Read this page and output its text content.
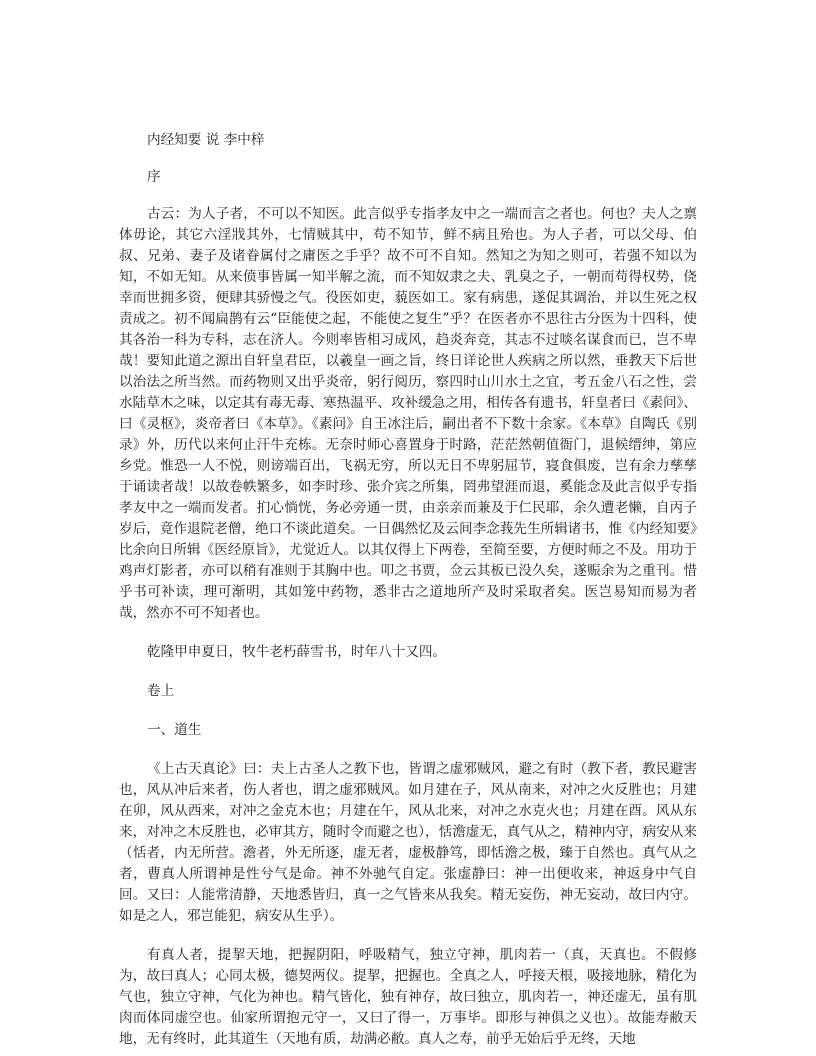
内经知要 说 李中梓

序

古云：为人子者，不可以不知医。此言似乎专指孝友中之一端而言之者也。何也？夫人之禀体毋论，其它六淫戕其外，七情贼其中，苟不知节，鲜不病且殆也。为人子者，可以父母、伯叔、兄弟、妻子及诸眷属付之庸医之手乎？故不可不自知。然知之为知之则可，若强不知以为知，不如无知。从来偾事皆属一知半解之流，而不知奴隶之夫、乳臭之子，一朝而苟得权势，侥幸而世拥多资，便肆其骄慢之气。役医如吏，藐医如工。家有病患，遂促其调治，并以生死之权责成之。初不闻扁鹊有云“臣能使之起，不能使之复生”乎？在医者亦不思往古分医为十四科，使其各治一科为专科，志在济人。今则率皆相习成风，趋炎奔竞，其志不过啖名谋食而已，岂不卑哉！要知此道之源出自轩皇君臣，以羲皇一画之旨，终日详论世人疾病之所以然，垂教天下后世以治法之所当然。而药物则又出乎炎帝，躬行阅历，察四时山川水土之宜，考五金八石之性，尝水陆草木之味，以定其有毒无毒、寒热温平、攻补缓急之用，相传各有遗书，轩皇者曰《素问》、曰《灵枢》，炎帝者曰《本草》。《素问》自王冰注后，嗣出者不下数十余家。《本草》自陶氏《别录》外，历代以来何止汗牛充栋。无奈时师心喜置身于时路，茫茫然朝值衙门，退候缙绅，第应乡党。惟恐一人不悦，则谤端百出，飞祸无穷，所以无日不卑躬屈节，寝食俱废，岂有余力孳孳于诵读者哉！以故卷帙繁多，如李时珍、张介宾之所集，罔弗望涯而退，奚能念及此言似乎专指孝友中之一端而发者。扪心惝恍，务必旁通一贯，由亲亲而兼及于仁民耶，余久遭老懒，自丙子岁后，竟作退院老僧，绝口不谈此道矣。一日偶然忆及云间李念莪先生所辑诸书，惟《内经知要》比余向日所辑《医经原旨》，尤觉近人。以其仅得上下两卷，至简至要，方便时师之不及。用功于鸡声灯影者，亦可以稍有准则于其胸中也。叩之书贾，佥云其板已没久矣，遂赈余为之重刊。惜乎书可补读，理可渐明，其如笼中药物，悉非古之道地所产及时采取者矣。医岂易知而易为者哉，然亦不可不知者也。

乾隆甲申夏日，牧牛老朽薛雪书，时年八十又四。

卷上

一、道生

《上古天真论》曰：夫上古圣人之教下也，皆谓之虚邪贼风，避之有时（教下者，教民避害也，风从冲后来者，伤人者也，谓之虚邪贼风。如月建在子，风从南来，对冲之火反胜也；月建在卯，风从西来，对冲之金克木也；月建在午，风从北来，对冲之水克火也；月建在酉。风从东来，对冲之木反胜也，必审其方，随时令而避之也），恬澹虚无，真气从之，精神内守，病安从来（恬者，内无所营。澹者，外无所逐，虚无者，虚极静笃，即恬澹之极，臻于自然也。真气从之者，曹真人所谓神是性兮气是命。神不外驰气自定。张虚静曰：神一出便收来，神返身中气自回。又曰：人能常清静，天地悉皆归，真一之气皆来从我矣。精无妄伤，神无妄动，故曰内守。如是之人，邪岂能犯，病安从生乎）。

有真人者，提挈天地，把握阴阳，呼吸精气，独立守神，肌肉若一（真，天真也。不假修为，故曰真人；心同太极，德契两仪。提挈，把握也。全真之人，呼接天根，吸接地脉，精化为气也，独立守神，气化为神也。精气皆化，独有神存，故曰独立，肌肉若一，神还虚无，虽有肌肉而体同虚空也。仙家所谓抱元守一，又曰了得一，万事毕。即形与神俱之义也）。故能寿敝天地，无有终时，此其道生（天地有质，劫满必敝。真人之寿，前乎无始后乎无终，天地
